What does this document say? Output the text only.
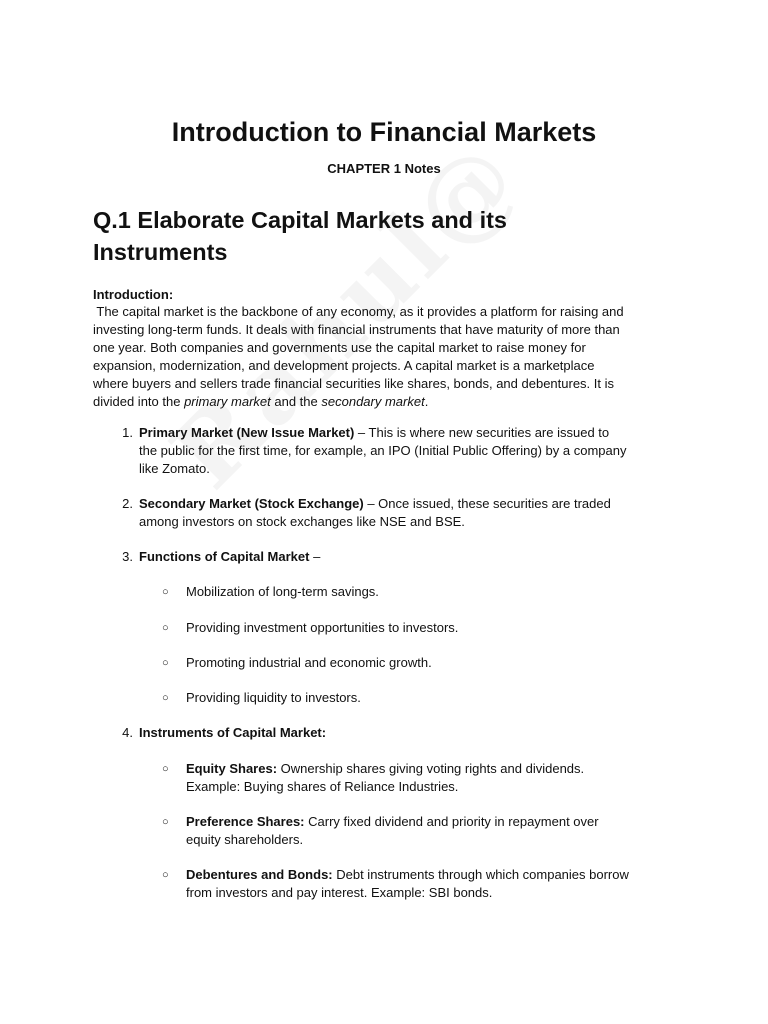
Introduction to Financial Markets
CHAPTER 1 Notes
Q.1 Elaborate Capital Markets and its
Instruments
Introduction:
The capital market is the backbone of any economy, as it provides a platform for raising and
investing long-term funds. It deals with financial instruments that have maturity of more than
one year. Both companies and governments use the capital market to raise money for
expansion, modernization, and development projects. A capital market is a marketplace
where buyers and sellers trade financial securities like shares, bonds, and debentures. It is
divided into the primary market and the secondary market.
1. Primary Market (New Issue Market) – This is where new securities are issued to
the public for the first time, for example, an IPO (Initial Public Offering) by a company
like Zomato.
2. Secondary Market (Stock Exchange) – Once issued, these securities are traded
among investors on stock exchanges like NSE and BSE.
3. Functions of Capital Market –
○ Mobilization of long-term savings.
○ Providing investment opportunities to investors.
○ Promoting industrial and economic growth.
○ Providing liquidity to investors.
4. Instruments of Capital Market:
○ Equity Shares: Ownership shares giving voting rights and dividends.
Example: Buying shares of Reliance Industries.
○ Preference Shares: Carry fixed dividend and priority in repayment over
equity shareholders.
○ Debentures and Bonds: Debt instruments through which companies borrow
from investors and pay interest. Example: SBI bonds.
